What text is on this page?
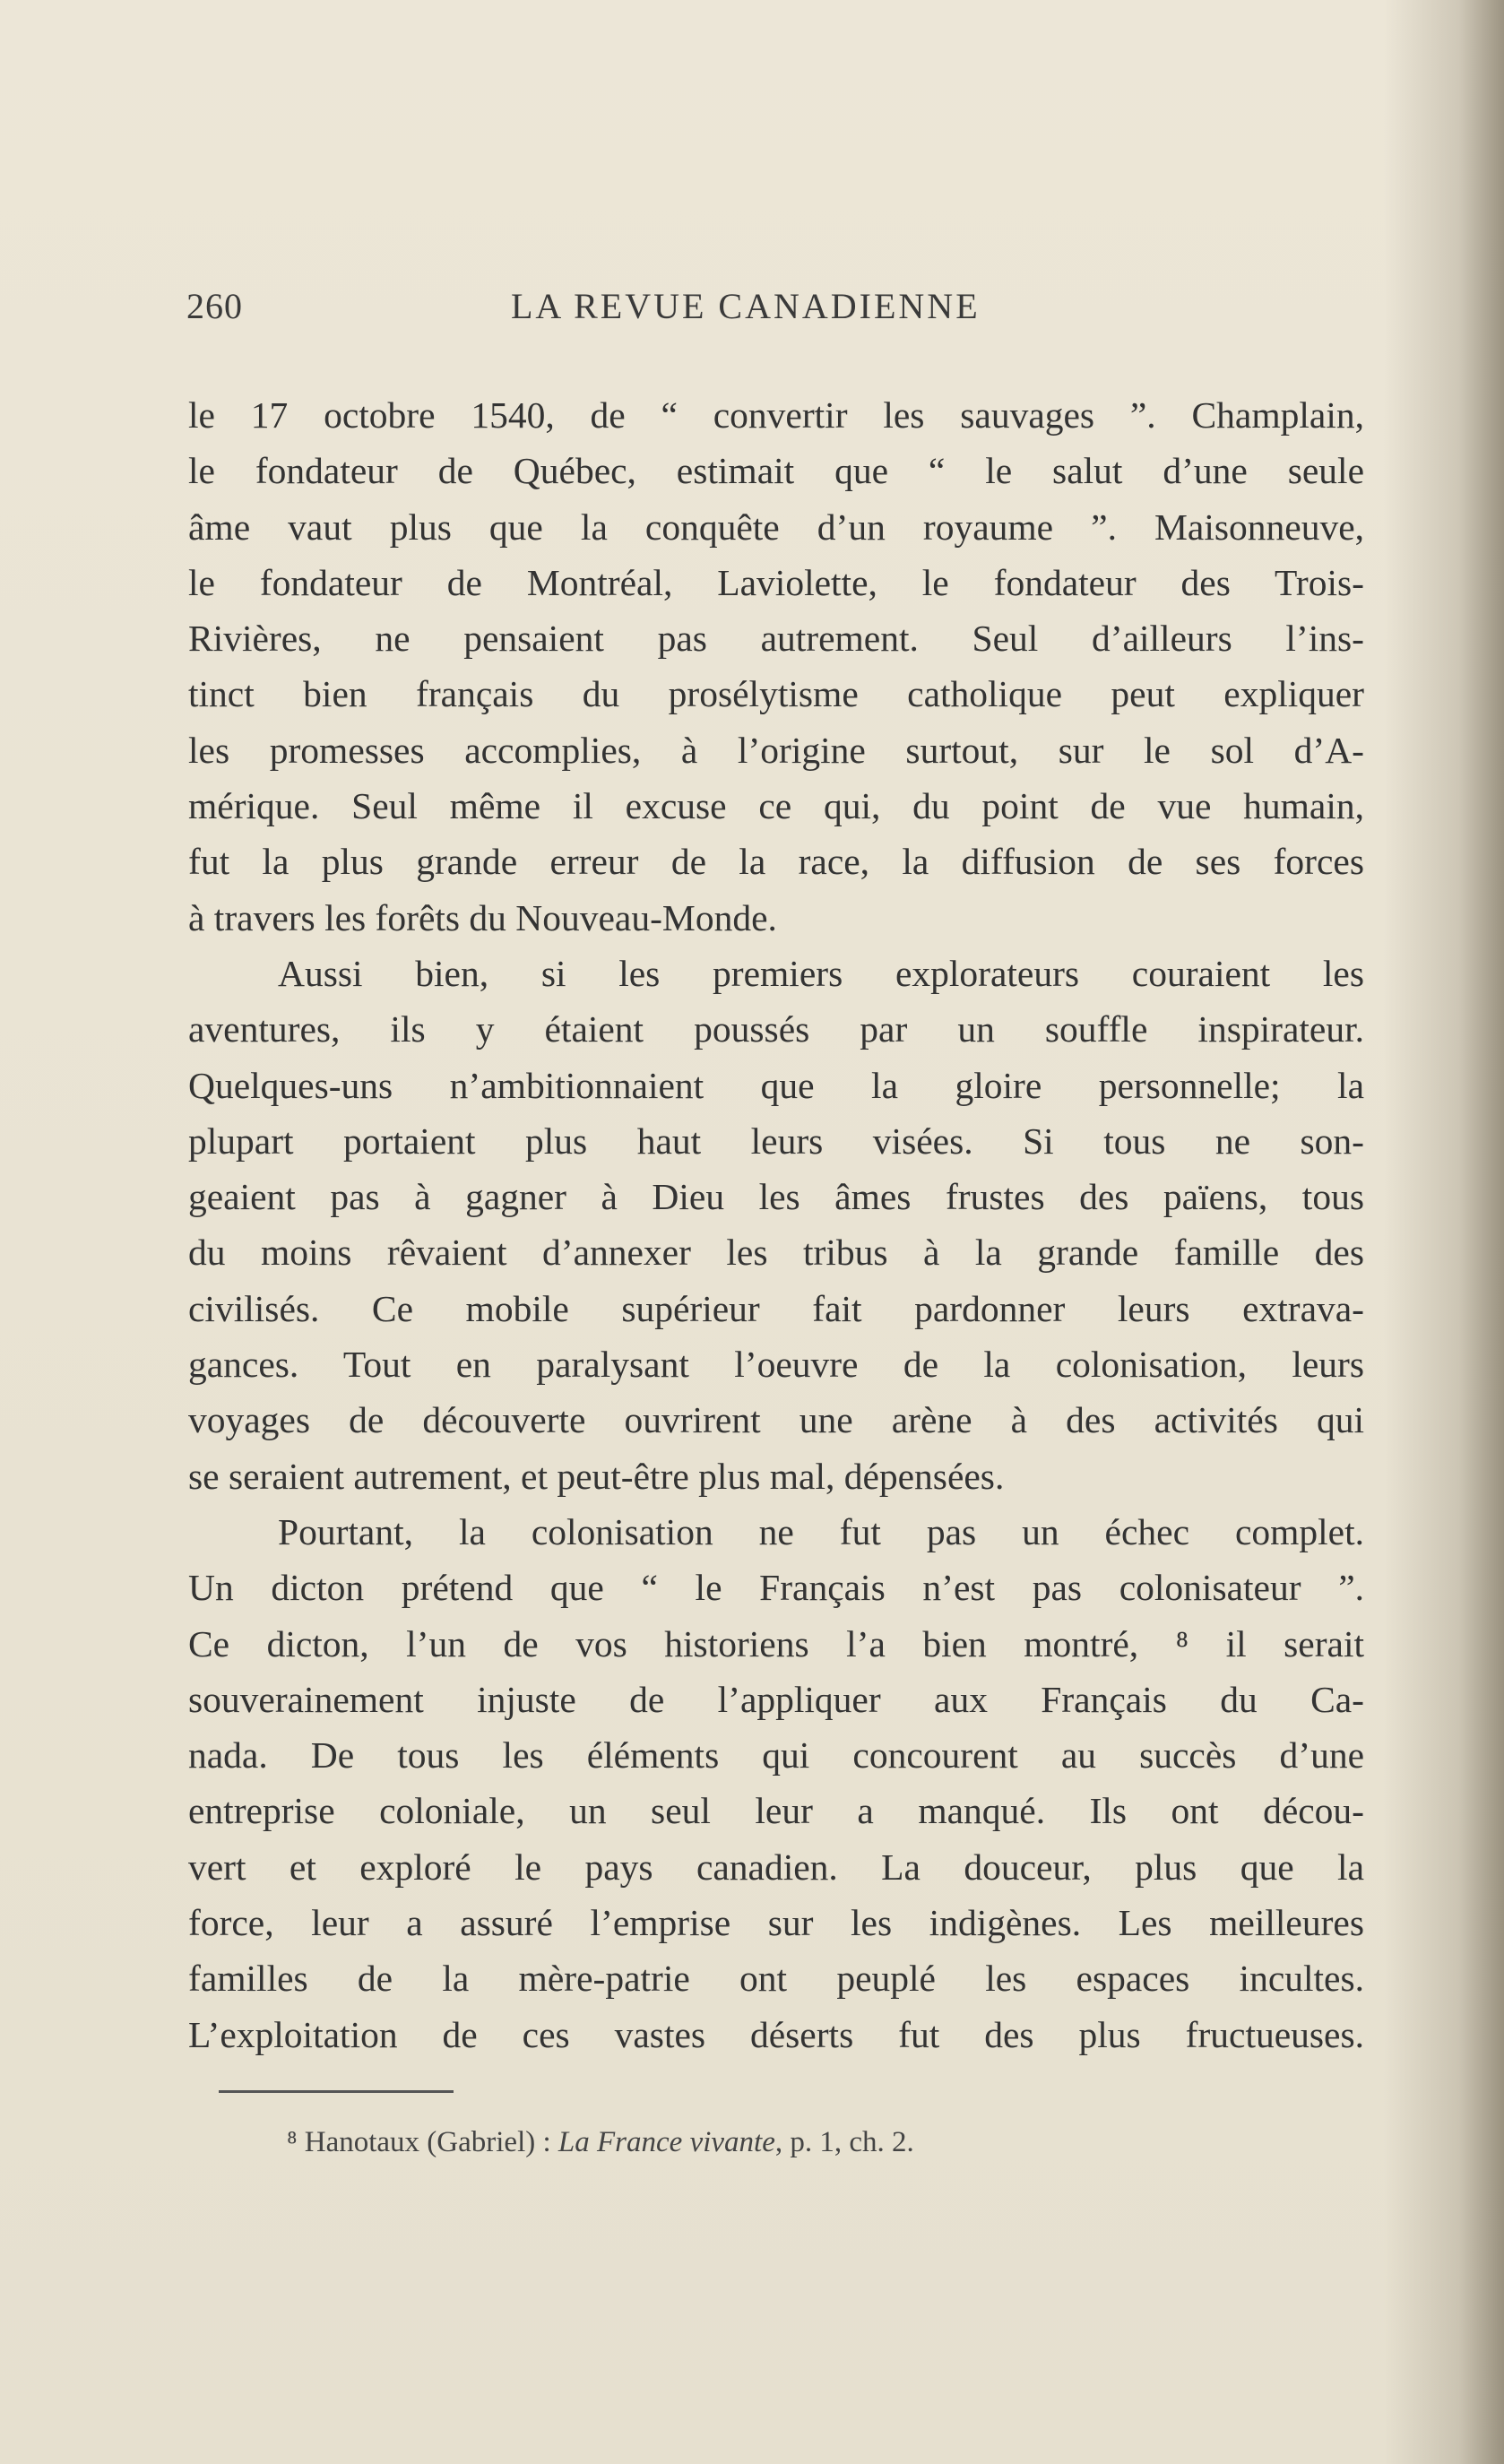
260	LA REVUE CANADIENNE
le 17 octobre 1540, de “ convertir les sauvages ”. Champlain,
le fondateur de Québec, estimait que “ le salut d’une seule
âme vaut plus que la conquête d’un royaume ”. Maisonneuve,
le fondateur de Montréal, Laviolette, le fondateur des Trois-
Rivières, ne pensaient pas autrement. Seul d’ailleurs l’ins-
tinct bien français du prosélytisme catholique peut expliquer
les promesses accomplies, à l’origine surtout, sur le sol d’A-
mérique. Seul même il excuse ce qui, du point de vue humain,
fut la plus grande erreur de la race, la diffusion de ses forces
à travers les forêts du Nouveau-Monde.
Aussi bien, si les premiers explorateurs couraient les
aventures, ils y étaient poussés par un souffle inspirateur.
Quelques-uns n’ambitionnaient que la gloire personnelle; la
plupart portaient plus haut leurs visées. Si tous ne son-
geaient pas à gagner à Dieu les âmes frustes des païens, tous
du moins rêvaient d’annexer les tribus à la grande famille des
civilisés. Ce mobile supérieur fait pardonner leurs extrava-
gances. Tout en paralysant l’oeuvre de la colonisation, leurs
voyages de découverte ouvrirent une arène à des activités qui
se seraient autrement, et peut-être plus mal, dépensées.
Pourtant, la colonisation ne fut pas un échec complet.
Un dicton prétend que “ le Français n’est pas colonisateur ”.
Ce dicton, l’un de vos historiens l’a bien montré, ⁸ il serait
souverainement injuste de l’appliquer aux Français du Ca-
nada. De tous les éléments qui concourent au succès d’une
entreprise coloniale, un seul leur a manqué. Ils ont décou-
vert et exploré le pays canadien. La douceur, plus que la
force, leur a assuré l’emprise sur les indigènes. Les meilleures
familles de la mère-patrie ont peuplé les espaces incultes.
L’exploitation de ces vastes déserts fut des plus fructueuses.
⁸ Hanotaux (Gabriel) : La France vivante, p. 1, ch. 2.
